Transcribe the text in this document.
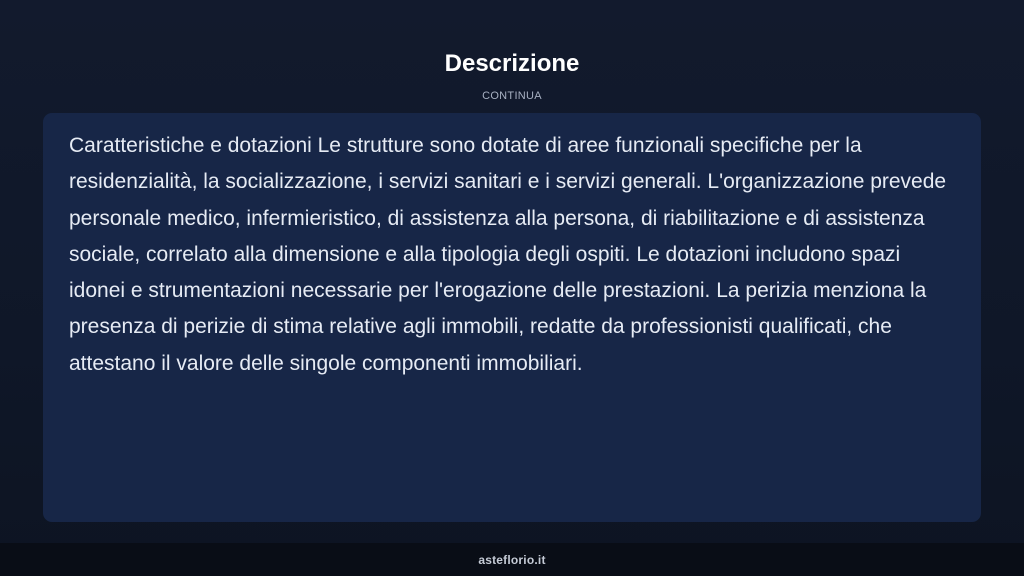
Descrizione
CONTINUA

Caratteristiche e dotazioni Le strutture sono dotate di aree funzionali specifiche per la residenzialità, la socializzazione, i servizi sanitari e i servizi generali. L'organizzazione prevede personale medico, infermieristico, di assistenza alla persona, di riabilitazione e di assistenza sociale, correlato alla dimensione e alla tipologia degli ospiti. Le dotazioni includono spazi idonei e strumentazioni necessarie per l'erogazione delle prestazioni. La perizia menziona la presenza di perizie di stima relative agli immobili, redatte da professionisti qualificati, che attestano il valore delle singole componenti immobiliari.

asteflorio.it
